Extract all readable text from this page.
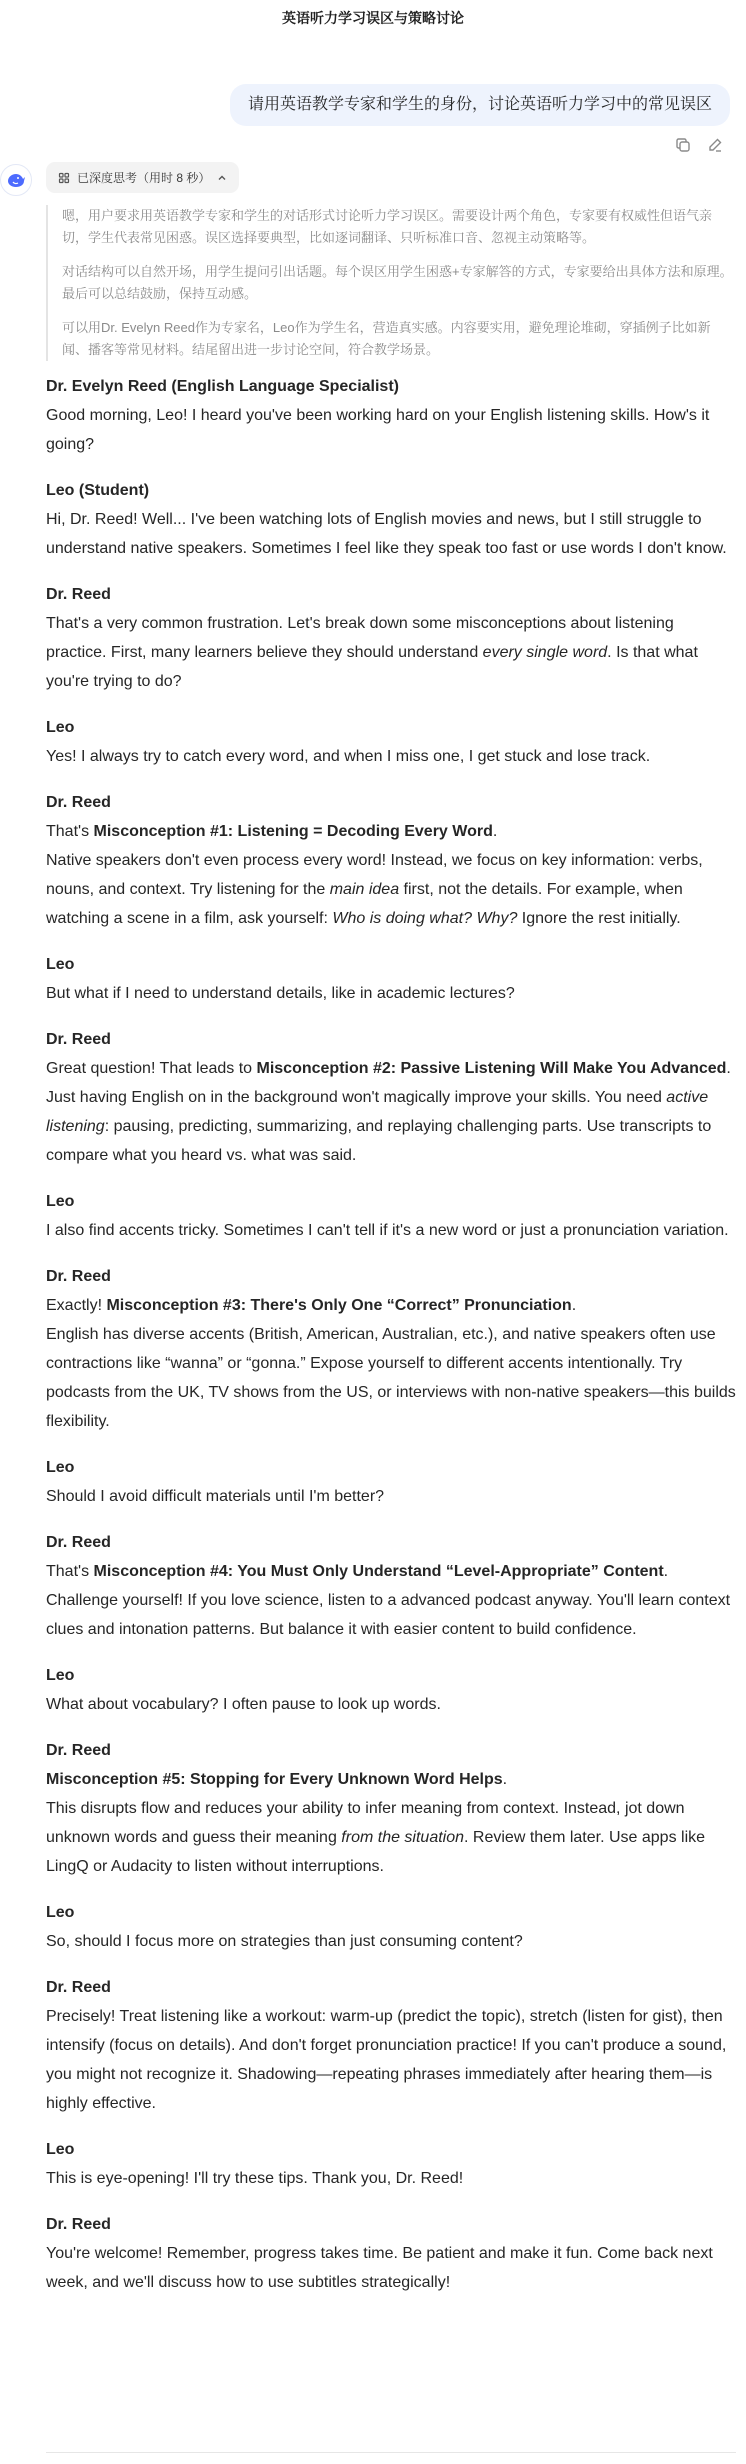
英语听力学习误区与策略讨论
请用英语教学专家和学生的身份，讨论英语听力学习中的常见误区
已深度思考（用时 8 秒）

嗯，用户要求用英语教学专家和学生的对话形式讨论听力学习误区。需要设计两个角色，专家要有权威性但语气亲切，学生代表常见困惑。误区选择要典型，比如逐词翻译、只听标准口音、忽视主动策略等。

对话结构可以自然开场，用学生提问引出话题。每个误区用学生困惑+专家解答的方式，专家要给出具体方法和原理。最后可以总结鼓励，保持互动感。

可以用Dr. Evelyn Reed作为专家名，Leo作为学生名，营造真实感。内容要实用，避免理论堆砌，穿插例子比如新闻、播客等常见材料。结尾留出进一步讨论空间，符合教学场景。

Dr. Evelyn Reed (English Language Specialist)

Good morning, Leo! I heard you've been working hard on your English listening skills. How's it going?

Leo (Student)

Hi, Dr. Reed! Well... I've been watching lots of English movies and news, but I still struggle to understand native speakers. Sometimes I feel like they speak too fast or use words I don't know.

Dr. Reed

That's a very common frustration. Let's break down some misconceptions about listening practice. First, many learners believe they should understand every single word. Is that what you're trying to do?

Leo

Yes! I always try to catch every word, and when I miss one, I get stuck and lose track.

Dr. Reed

That's Misconception #1: Listening = Decoding Every Word.

Native speakers don't even process every word! Instead, we focus on key information: verbs, nouns, and context. Try listening for the main idea first, not the details. For example, when watching a scene in a film, ask yourself: Who is doing what? Why? Ignore the rest initially.

Leo

But what if I need to understand details, like in academic lectures?

Dr. Reed

Great question! That leads to Misconception #2: Passive Listening Will Make You Advanced.

Just having English on in the background won't magically improve your skills. You need active listening: pausing, predicting, summarizing, and replaying challenging parts. Use transcripts to compare what you heard vs. what was said.

Leo

I also find accents tricky. Sometimes I can't tell if it's a new word or just a pronunciation variation.

Dr. Reed

Exactly! Misconception #3: There's Only One “Correct” Pronunciation.

English has diverse accents (British, American, Australian, etc.), and native speakers often use contractions like “wanna” or “gonna.” Expose yourself to different accents intentionally. Try podcasts from the UK, TV shows from the US, or interviews with non-native speakers—this builds flexibility.

Leo

Should I avoid difficult materials until I'm better?

Dr. Reed

That's Misconception #4: You Must Only Understand “Level-Appropriate” Content.

Challenge yourself! If you love science, listen to a advanced podcast anyway. You'll learn context clues and intonation patterns. But balance it with easier content to build confidence.

Leo

What about vocabulary? I often pause to look up words.

Dr. Reed

Misconception #5: Stopping for Every Unknown Word Helps.

This disrupts flow and reduces your ability to infer meaning from context. Instead, jot down unknown words and guess their meaning from the situation. Review them later. Use apps like LingQ or Audacity to listen without interruptions.

Leo

So, should I focus more on strategies than just consuming content?

Dr. Reed

Precisely! Treat listening like a workout: warm-up (predict the topic), stretch (listen for gist), then intensify (focus on details). And don't forget pronunciation practice! If you can't produce a sound, you might not recognize it. Shadowing—repeating phrases immediately after hearing them—is highly effective.

Leo

This is eye-opening! I'll try these tips. Thank you, Dr. Reed!

Dr. Reed

You're welcome! Remember, progress takes time. Be patient and make it fun. Come back next week, and we'll discuss how to use subtitles strategically!
